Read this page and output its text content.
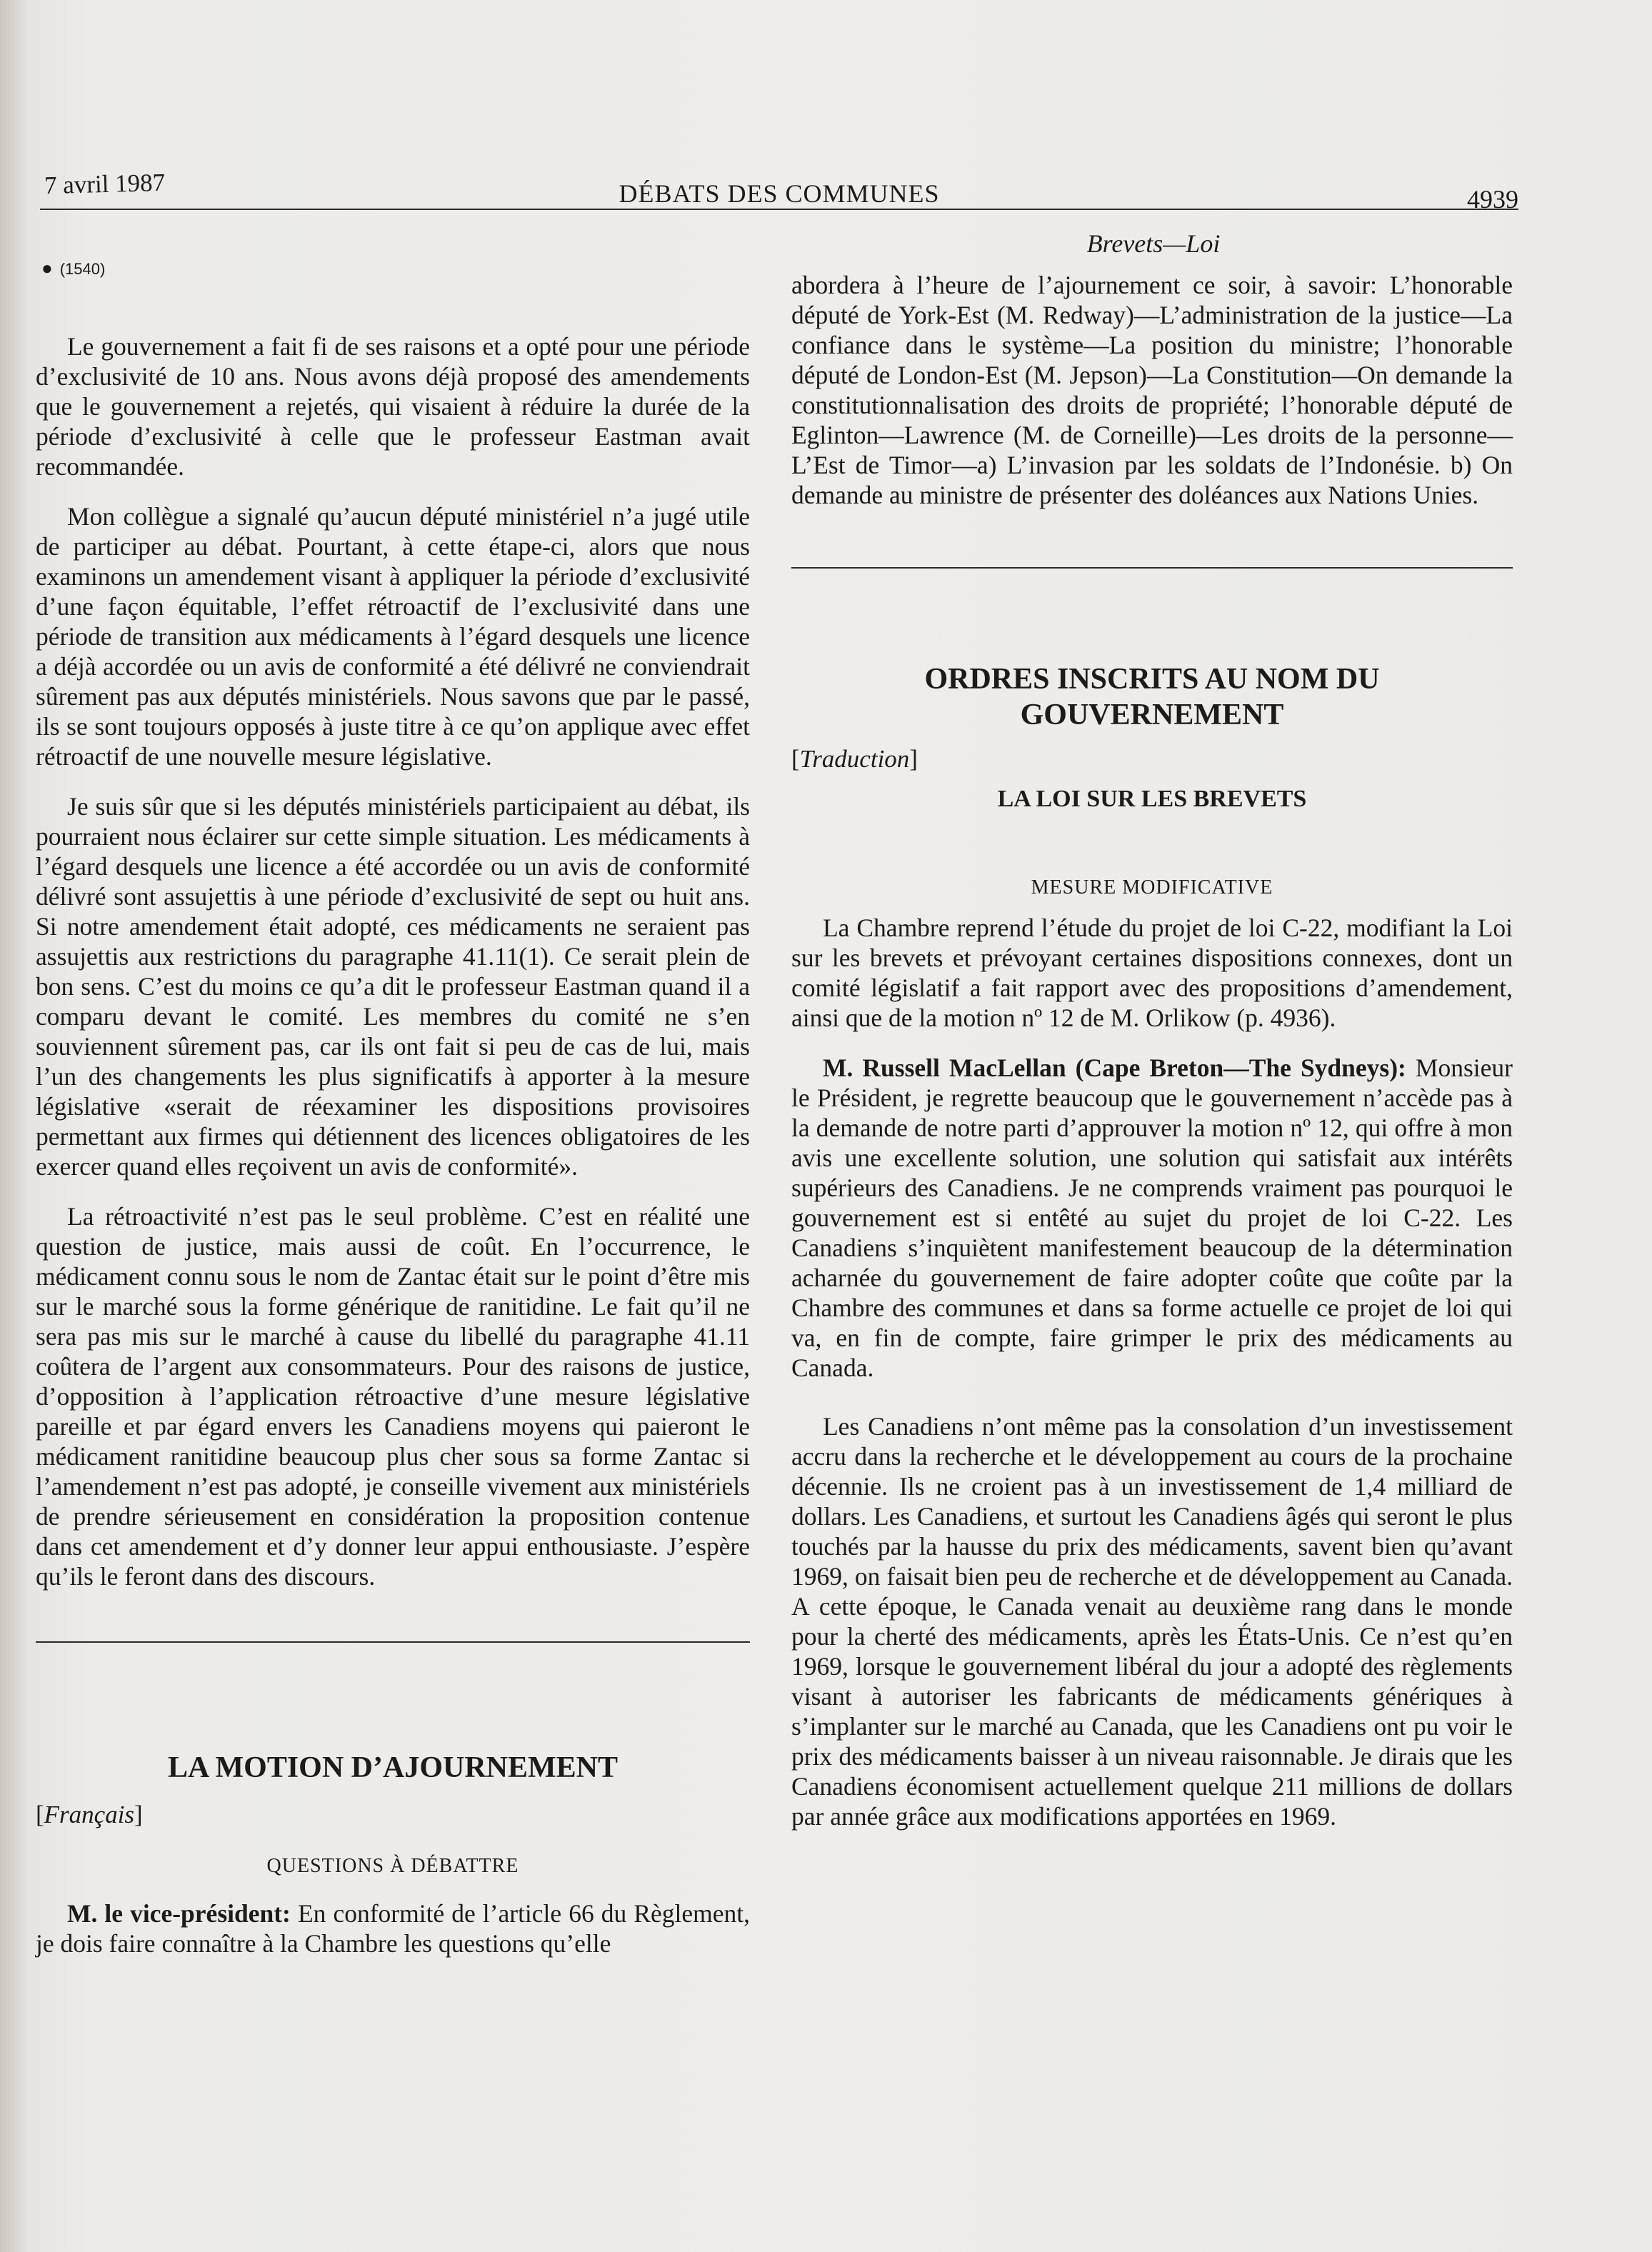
7 avril 1987	DÉBATS DES COMMUNES	4939
Brevets—Loi

● (1540)

Le gouvernement a fait fi de ses raisons et a opté pour une période d’exclusivité de 10 ans. Nous avons déjà proposé des amendements que le gouvernement a rejetés, qui visaient à réduire la durée de la période d’exclusivité à celle que le professeur Eastman avait recommandée.

Mon collègue a signalé qu’aucun député ministériel n’a jugé utile de participer au débat. Pourtant, à cette étape-ci, alors que nous examinons un amendement visant à appliquer la période d’exclusivité d’une façon équitable, l’effet rétroactif de l’exclusivité dans une période de transition aux médicaments à l’égard desquels une licence a déjà accordée ou un avis de conformité a été délivré ne conviendrait sûrement pas aux députés ministériels. Nous savons que par le passé, ils se sont toujours opposés à juste titre à ce qu’on applique avec effet rétroactif de une nouvelle mesure législative.

Je suis sûr que si les députés ministériels participaient au débat, ils pourraient nous éclairer sur cette simple situation. Les médicaments à l’égard desquels une licence a été accordée ou un avis de conformité délivré sont assujettis à une période d’exclusivité de sept ou huit ans. Si notre amendement était adopté, ces médicaments ne seraient pas assujettis aux restrictions du paragraphe 41.11(1). Ce serait plein de bon sens. C’est du moins ce qu’a dit le professeur Eastman quand il a comparu devant le comité. Les membres du comité ne s’en souviennent sûrement pas, car ils ont fait si peu de cas de lui, mais l’un des changements les plus significatifs à apporter à la mesure législative «serait de réexaminer les dispositions provisoires permettant aux firmes qui détiennent des licences obligatoires de les exercer quand elles reçoivent un avis de conformité».

La rétroactivité n’est pas le seul problème. C’est en réalité une question de justice, mais aussi de coût. En l’occurrence, le médicament connu sous le nom de Zantac était sur le point d’être mis sur le marché sous la forme générique de ranitidine. Le fait qu’il ne sera pas mis sur le marché à cause du libellé du paragraphe 41.11 coûtera de l’argent aux consommateurs. Pour des raisons de justice, d’opposition à l’application rétroactive d’une mesure législative pareille et par égard envers les Canadiens moyens qui paieront le médicament ranitidine beaucoup plus cher sous sa forme Zantac si l’amendement n’est pas adopté, je conseille vivement aux ministériels de prendre sérieusement en considération la proposition contenue dans cet amendement et d’y donner leur appui enthousiaste. J’espère qu’ils le feront dans des discours.

LA MOTION D’AJOURNEMENT

[Français]

QUESTIONS À DÉBATTRE

M. le vice-président: En conformité de l’article 66 du Règlement, je dois faire connaître à la Chambre les questions qu’elle

abordera à l’heure de l’ajournement ce soir, à savoir: L’honorable député de York-Est (M. Redway)—L’administration de la justice—La confiance dans le système—La position du ministre; l’honorable député de London-Est (M. Jepson)—La Constitution—On demande la constitutionnalisation des droits de propriété; l’honorable député de Eglinton—Lawrence (M. de Corneille)—Les droits de la personne—L’Est de Timor—a) L’invasion par les soldats de l’Indonésie. b) On demande au ministre de présenter des doléances aux Nations Unies.

ORDRES INSCRITS AU NOM DU GOUVERNEMENT

[Traduction]

LA LOI SUR LES BREVETS

MESURE MODIFICATIVE

La Chambre reprend l’étude du projet de loi C-22, modifiant la Loi sur les brevets et prévoyant certaines dispositions connexes, dont un comité législatif a fait rapport avec des propositions d’amendement, ainsi que de la motion nº 12 de M. Orlikow (p. 4936).

M. Russell MacLellan (Cape Breton—The Sydneys): Monsieur le Président, je regrette beaucoup que le gouvernement n’accède pas à la demande de notre parti d’approuver la motion nº 12, qui offre à mon avis une excellente solution, une solution qui satisfait aux intérêts supérieurs des Canadiens. Je ne comprends vraiment pas pourquoi le gouvernement est si entêté au sujet du projet de loi C-22. Les Canadiens s’inquiètent manifestement beaucoup de la détermination acharnée du gouvernement de faire adopter coûte que coûte par la Chambre des communes et dans sa forme actuelle ce projet de loi qui va, en fin de compte, faire grimper le prix des médicaments au Canada.

Les Canadiens n’ont même pas la consolation d’un investissement accru dans la recherche et le développement au cours de la prochaine décennie. Ils ne croient pas à un investissement de 1,4 milliard de dollars. Les Canadiens, et surtout les Canadiens âgés qui seront le plus touchés par la hausse du prix des médicaments, savent bien qu’avant 1969, on faisait bien peu de recherche et de développement au Canada. A cette époque, le Canada venait au deuxième rang dans le monde pour la cherté des médicaments, après les États-Unis. Ce n’est qu’en 1969, lorsque le gouvernement libéral du jour a adopté des règlements visant à autoriser les fabricants de médicaments génériques à s’implanter sur le marché au Canada, que les Canadiens ont pu voir le prix des médicaments baisser à un niveau raisonnable. Je dirais que les Canadiens économisent actuellement quelque 211 millions de dollars par année grâce aux modifications apportées en 1969.
